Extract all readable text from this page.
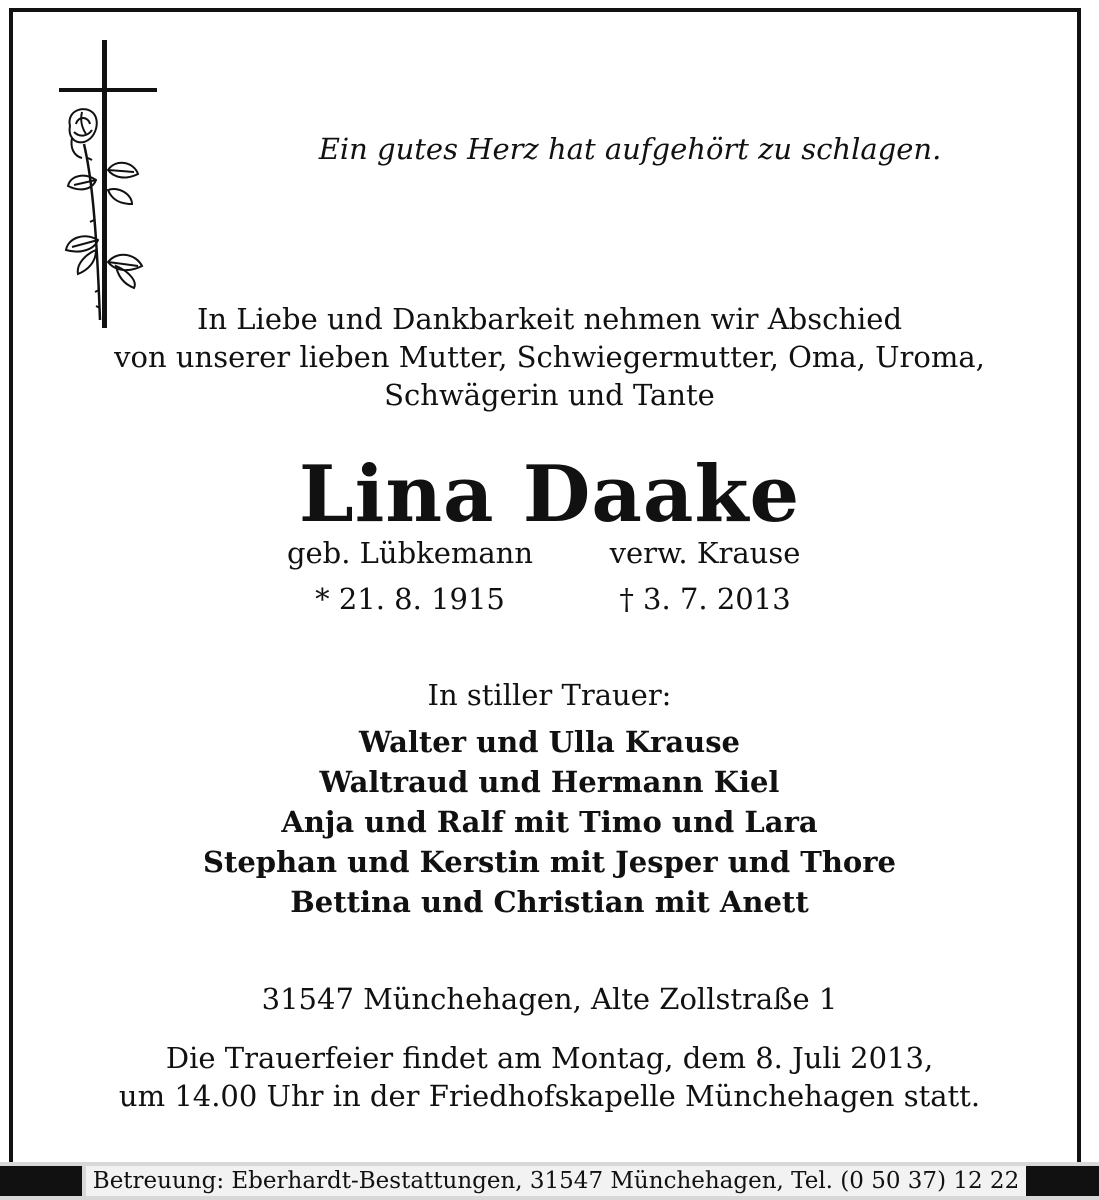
Ein gutes Herz hat aufgehört zu schlagen.
In Liebe und Dankbarkeit nehmen wir Abschied
von unserer lieben Mutter, Schwiegermutter, Oma, Uroma,
Schwägerin und Tante
Lina Daake
geb. Lübkemann	verw. Krause
* 21. 8. 1915	† 3. 7. 2013
In stiller Trauer:
Walter und Ulla Krause
Waltraud und Hermann Kiel
Anja und Ralf mit Timo und Lara
Stephan und Kerstin mit Jesper und Thore
Bettina und Christian mit Anett
31547 Münchehagen, Alte Zollstraße 1
Die Trauerfeier findet am Montag, dem 8. Juli 2013,
um 14.00 Uhr in der Friedhofskapelle Münchehagen statt.
Betreuung: Eberhardt-Bestattungen, 31547 Münchehagen, Tel. (0 50 37) 12 22
